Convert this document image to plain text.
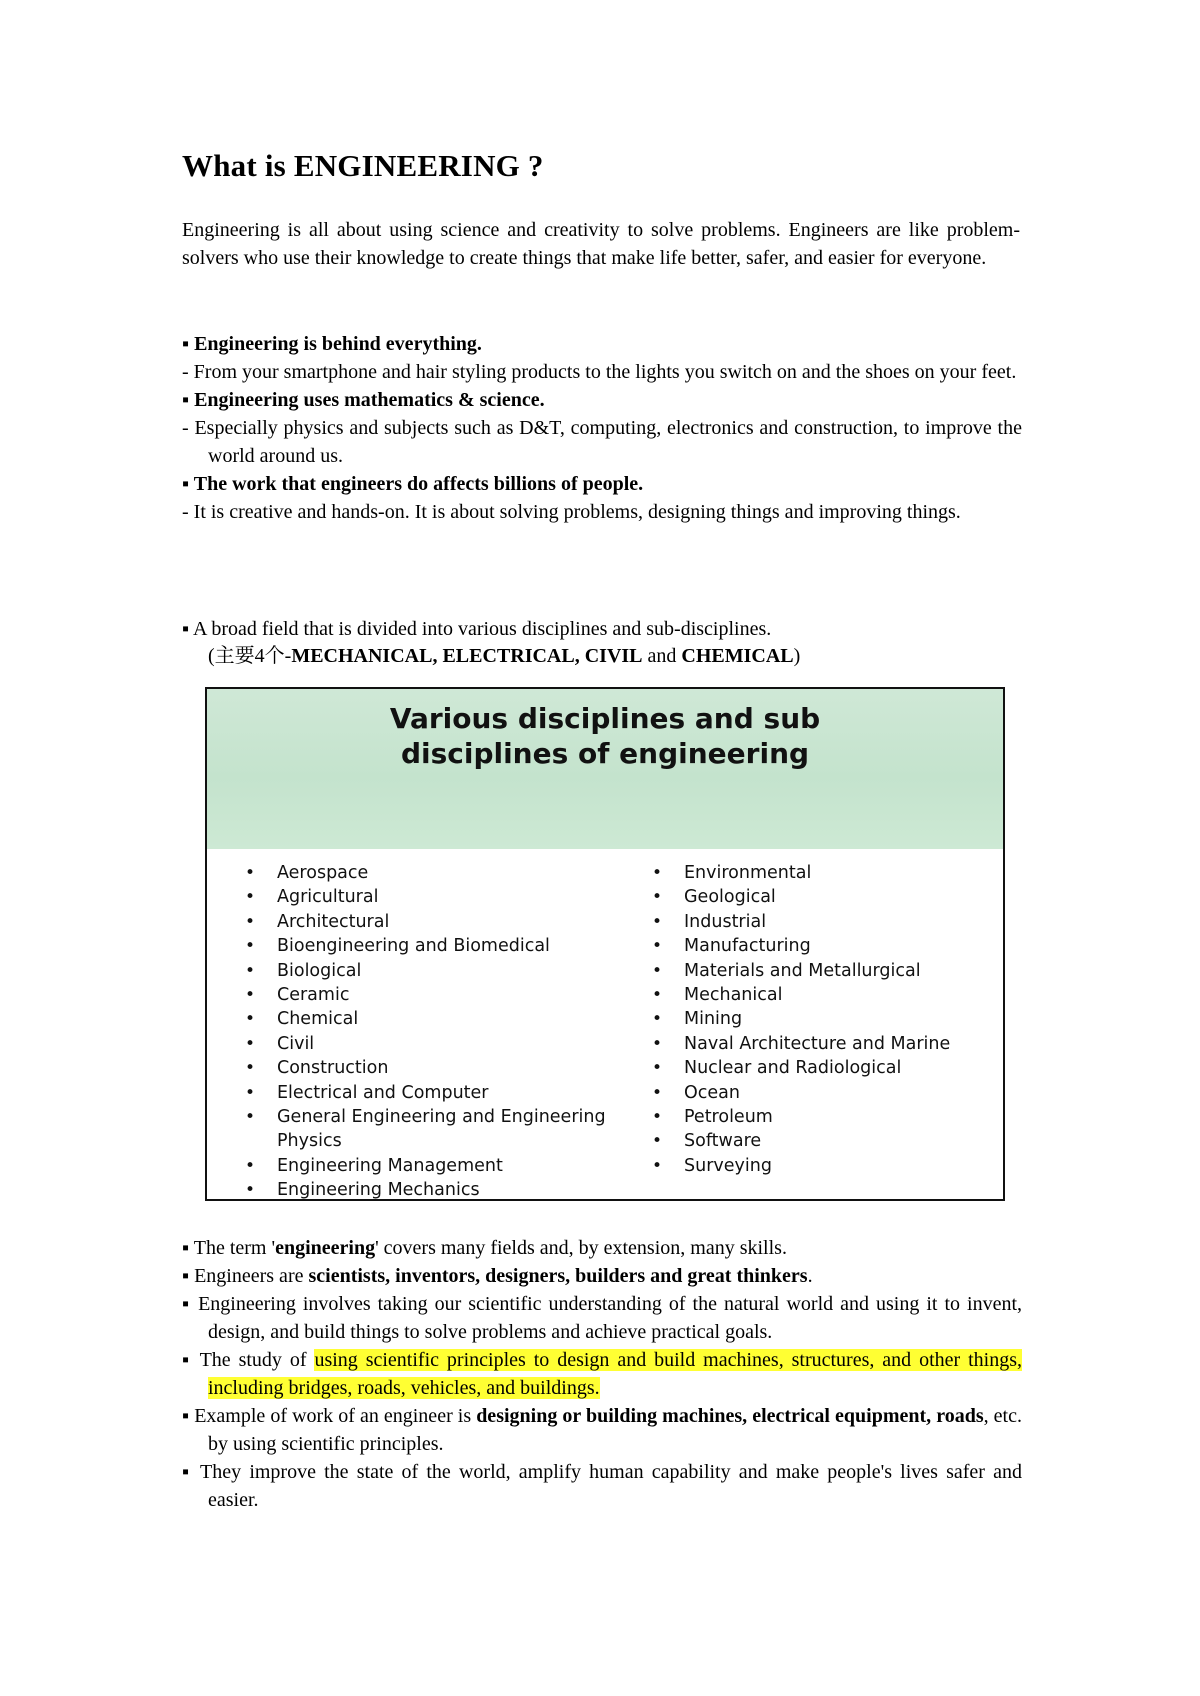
What is ENGINEERING ?

Engineering is all about using science and creativity to solve problems. Engineers are like problem-solvers who use their knowledge to create things that make life better, safer, and easier for everyone.

▪ Engineering is behind everything.
- From your smartphone and hair styling products to the lights you switch on and the shoes on your feet.
▪ Engineering uses mathematics & science.
- Especially physics and subjects such as D&T, computing, electronics and construction, to improve the world around us.
▪ The work that engineers do affects billions of people.
- It is creative and hands-on. It is about solving problems, designing things and improving things.

▪ A broad field that is divided into various disciplines and sub-disciplines.

(主要4个-MECHANICAL, ELECTRICAL, CIVIL and CHEMICAL)

Various disciplines and sub
disciplines of engineering

• Aerospace
• Agricultural
• Architectural
• Bioengineering and Biomedical
• Biological
• Ceramic
• Chemical
• Civil
• Construction
• Electrical and Computer
• General Engineering and Engineering Physics
• Engineering Management
• Engineering Mechanics
• Environmental
• Geological
• Industrial
• Manufacturing
• Materials and Metallurgical
• Mechanical
• Mining
• Naval Architecture and Marine
• Nuclear and Radiological
• Ocean
• Petroleum
• Software
• Surveying
▪ The term 'engineering' covers many fields and, by extension, many skills.
▪ Engineers are scientists, inventors, designers, builders and great thinkers.
▪ Engineering involves taking our scientific understanding of the natural world and using it to invent, design, and build things to solve problems and achieve practical goals.
▪ The study of using scientific principles to design and build machines, structures, and other things, including bridges, roads, vehicles, and buildings.
▪ Example of work of an engineer is designing or building machines, electrical equipment, roads, etc. by using scientific principles.
▪ They improve the state of the world, amplify human capability and make people's lives safer and easier.
